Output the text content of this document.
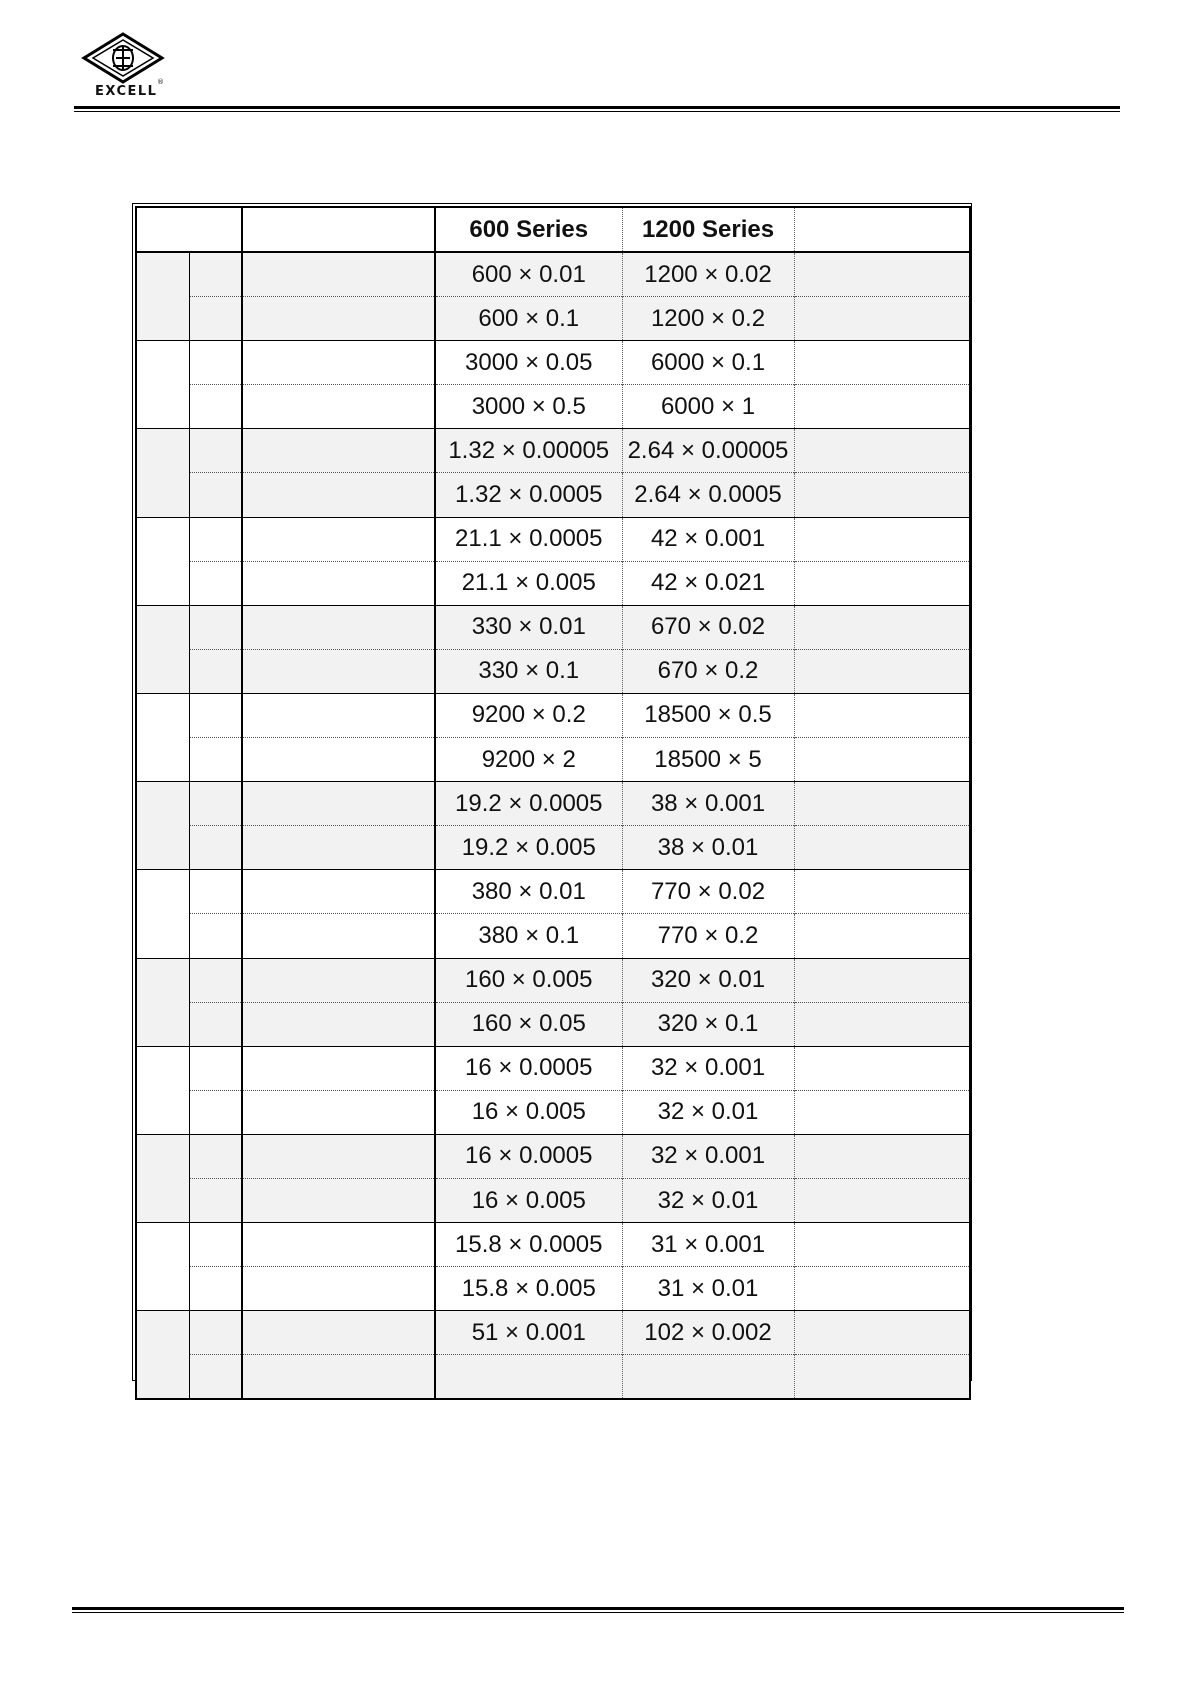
EXCELL
®
			600 Series	1200 Series	
			600 × 0.01	1200 × 0.02	
			600 × 0.1	1200 × 0.2	
			3000 × 0.05	6000 × 0.1	
			3000 × 0.5	6000 × 1	
			1.32 × 0.00005	2.64 × 0.00005	
			1.32 × 0.0005	2.64 × 0.0005	
			21.1 × 0.0005	42 × 0.001	
			21.1 × 0.005	42 × 0.021	
			330 × 0.01	670 × 0.02	
			330 × 0.1	670 × 0.2	
			9200 × 0.2	18500 × 0.5	
			9200 × 2	18500 × 5	
			19.2 × 0.0005	38 × 0.001	
			19.2 × 0.005	38 × 0.01	
			380 × 0.01	770 × 0.02	
			380 × 0.1	770 × 0.2	
			160 × 0.005	320 × 0.01	
			160 × 0.05	320 × 0.1	
			16 × 0.0005	32 × 0.001	
			16 × 0.005	32 × 0.01	
			16 × 0.0005	32 × 0.001	
			16 × 0.005	32 × 0.01	
			15.8 × 0.0005	31 × 0.001	
			15.8 × 0.005	31 × 0.01	
			51 × 0.001	102 × 0.002	
